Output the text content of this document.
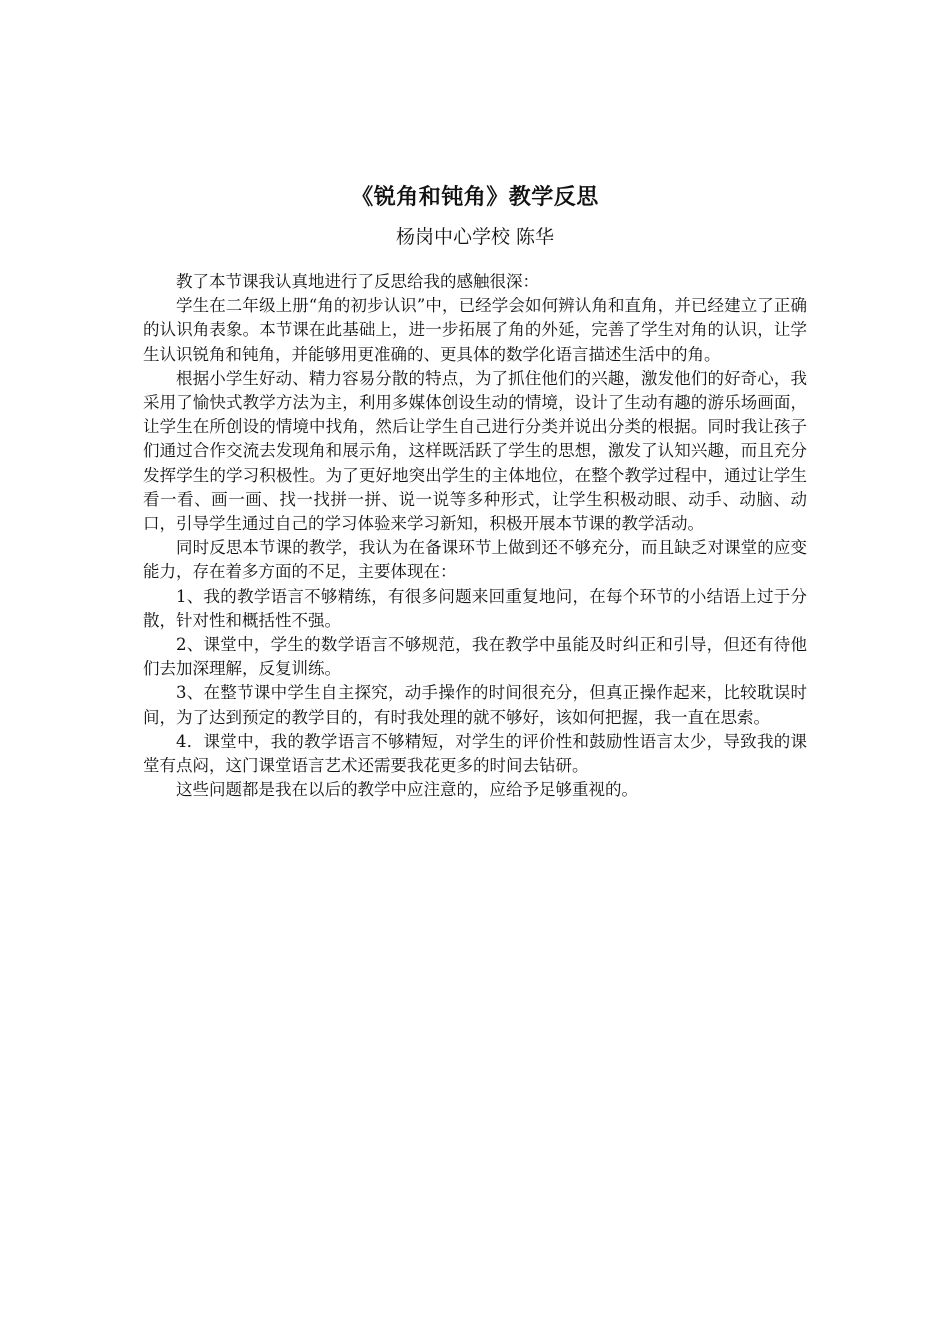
《锐角和钝角》教学反思
杨岗中心学校 陈华

教了本节课我认真地进行了反思给我的感触很深：

学生在二年级上册“角的初步认识”中，已经学会如何辨认角和直角，并已经建立了正确的认识角表象。本节课在此基础上，进一步拓展了角的外延，完善了学生对角的认识，让学生认识锐角和钝角，并能够用更准确的、更具体的数学化语言描述生活中的角。

根据小学生好动、精力容易分散的特点，为了抓住他们的兴趣，激发他们的好奇心，我采用了愉快式教学方法为主，利用多媒体创设生动的情境，设计了生动有趣的游乐场画面，让学生在所创设的情境中找角，然后让学生自己进行分类并说出分类的根据。同时我让孩子们通过合作交流去发现角和展示角，这样既活跃了学生的思想，激发了认知兴趣，而且充分发挥学生的学习积极性。为了更好地突出学生的主体地位，在整个教学过程中，通过让学生看一看、画一画、找一找拼一拼、说一说等多种形式，让学生积极动眼、动手、动脑、动口，引导学生通过自己的学习体验来学习新知，积极开展本节课的教学活动。

同时反思本节课的教学，我认为在备课环节上做到还不够充分，而且缺乏对课堂的应变能力，存在着多方面的不足，主要体现在：

1、我的教学语言不够精练，有很多问题来回重复地问，在每个环节的小结语上过于分散，针对性和概括性不强。

2、课堂中，学生的数学语言不够规范，我在教学中虽能及时纠正和引导，但还有待他们去加深理解，反复训练。

3、在整节课中学生自主探究，动手操作的时间很充分，但真正操作起来，比较耽误时间，为了达到预定的教学目的，有时我处理的就不够好，该如何把握，我一直在思索。

4．课堂中，我的教学语言不够精短，对学生的评价性和鼓励性语言太少，导致我的课堂有点闷，这门课堂语言艺术还需要我花更多的时间去钻研。

这些问题都是我在以后的教学中应注意的，应给予足够重视的。
